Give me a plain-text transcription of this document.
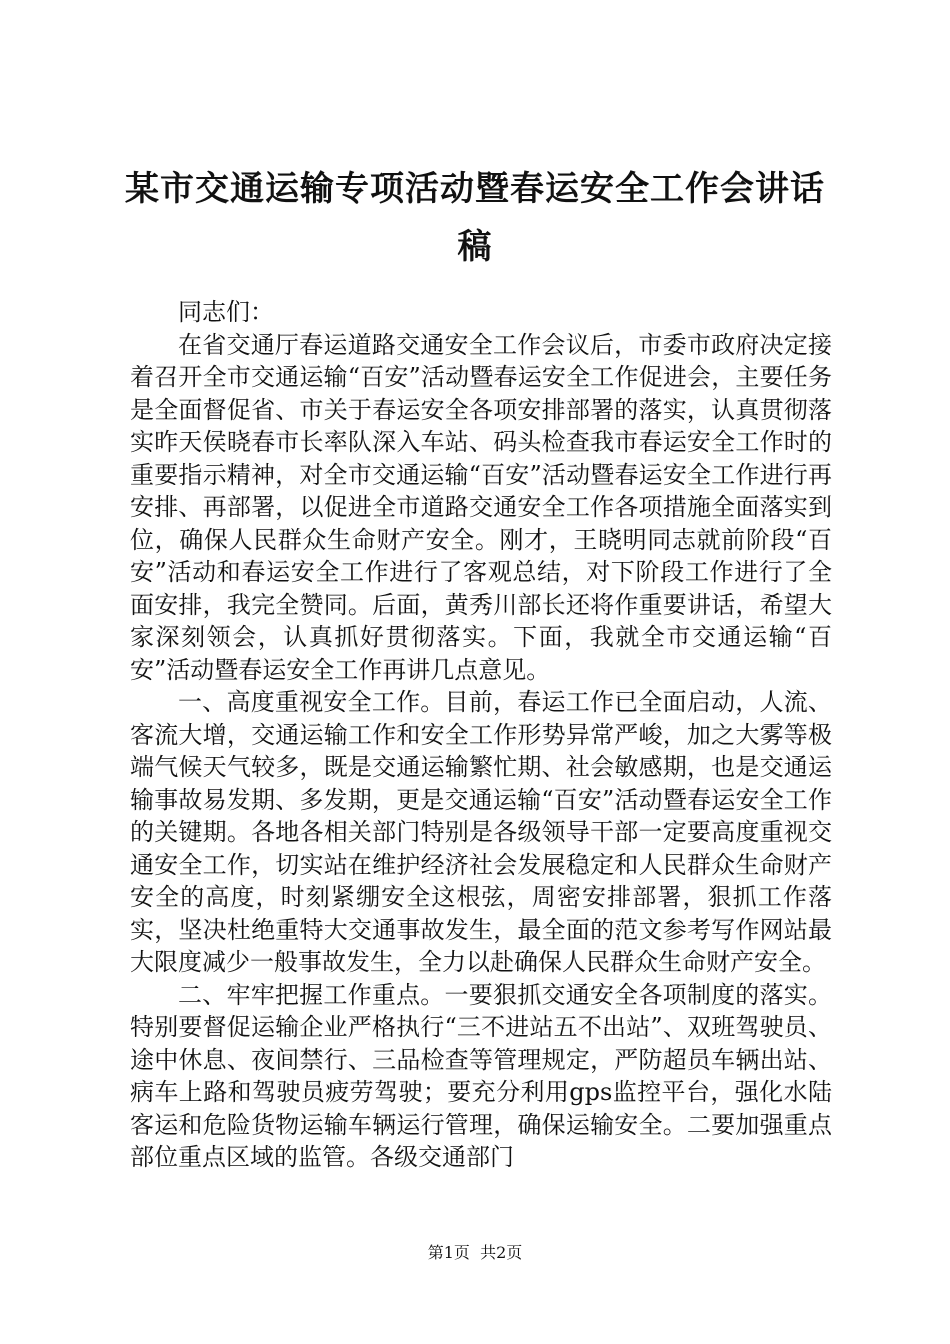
某市交通运输专项活动暨春运安全工作会讲话稿

同志们：

在省交通厅春运道路交通安全工作会议后，市委市政府决定接着召开全市交通运输“百安”活动暨春运安全工作促进会，主要任务是全面督促省、市关于春运安全各项安排部署的落实，认真贯彻落实昨天侯晓春市长率队深入车站、码头检查我市春运安全工作时的重要指示精神，对全市交通运输“百安”活动暨春运安全工作进行再安排、再部署，以促进全市道路交通安全工作各项措施全面落实到位，确保人民群众生命财产安全。刚才，王晓明同志就前阶段“百安”活动和春运安全工作进行了客观总结，对下阶段工作进行了全面安排，我完全赞同。后面，黄秀川部长还将作重要讲话，希望大家深刻领会，认真抓好贯彻落实。下面，我就全市交通运输“百安”活动暨春运安全工作再讲几点意见。

一、高度重视安全工作。目前，春运工作已全面启动，人流、客流大增，交通运输工作和安全工作形势异常严峻，加之大雾等极端气候天气较多，既是交通运输繁忙期、社会敏感期，也是交通运输事故易发期、多发期，更是交通运输“百安”活动暨春运安全工作的关键期。各地各相关部门特别是各级领导干部一定要高度重视交通安全工作，切实站在维护经济社会发展稳定和人民群众生命财产安全的高度，时刻紧绷安全这根弦，周密安排部署，狠抓工作落实，坚决杜绝重特大交通事故发生，最全面的范文参考写作网站最大限度减少一般事故发生，全力以赴确保人民群众生命财产安全。

二、牢牢把握工作重点。一要狠抓交通安全各项制度的落实。特别要督促运输企业严格执行“三不进站五不出站”、双班驾驶员、途中休息、夜间禁行、三品检查等管理规定，严防超员车辆出站、病车上路和驾驶员疲劳驾驶；要充分利用gps监控平台，强化水陆客运和危险货物运输车辆运行管理，确保运输安全。二要加强重点部位重点区域的监管。各级交通部门

第1页  共2页
